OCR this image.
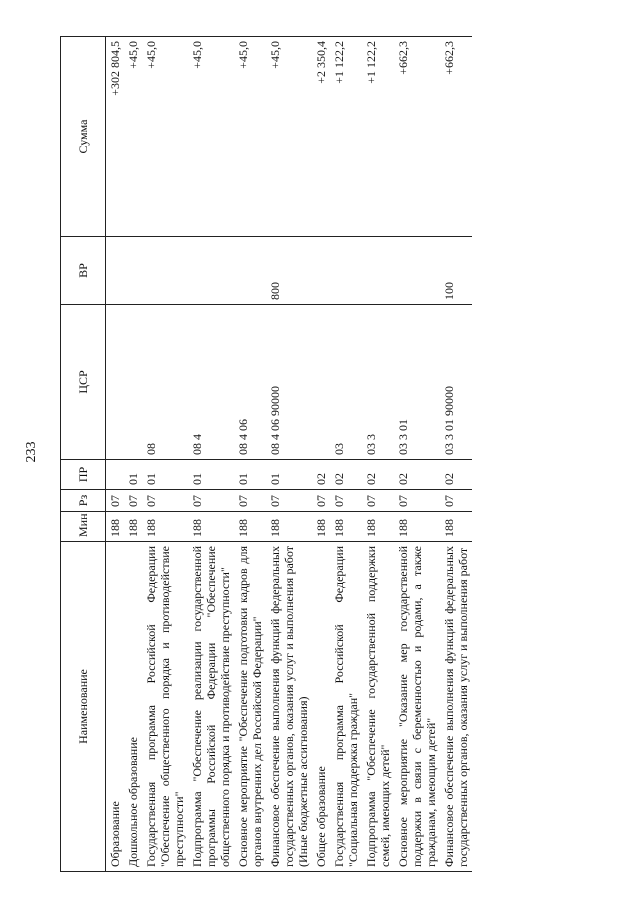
233
Наименование	Мин	Рз	ПР	ЦСР	ВР	Сумма
Образование	188	07				+302 804,5
Дошкольное образование	188	07	01			+45,0
Государственная программа Российской Федерации "Обеспечение общественного порядка и противодействие преступности"	188	07	01	08		+45,0
Подпрограмма "Обеспечение реализации государственной программы Российской Федерации "Обеспечение общественного порядка и противодействие преступности"	188	07	01	08 4		+45,0
Основное мероприятие "Обеспечение подготовки кадров для органов внутренних дел Российской Федерации"	188	07	01	08 4 06		+45,0
Финансовое обеспечение выполнения функций федеральных государственных органов, оказания услуг и выполнения работ (Иные бюджетные ассигнования)	188	07	01	08 4 06 90000	800	+45,0
Общее образование	188	07	02			+2 350,4
Государственная программа Российской Федерации "Социальная поддержка граждан"	188	07	02	03		+1 122,2
Подпрограмма "Обеспечение государственной поддержки семей, имеющих детей"	188	07	02	03 3		+1 122,2
Основное мероприятие "Оказание мер государственной поддержки в связи с беременностью и родами, а также гражданам, имеющим детей"	188	07	02	03 3 01		+662,3
Финансовое обеспечение выполнения функций федеральных государственных органов, оказания услуг и выполнения работ	188	07	02	03 3 01 90000	100	+662,3
